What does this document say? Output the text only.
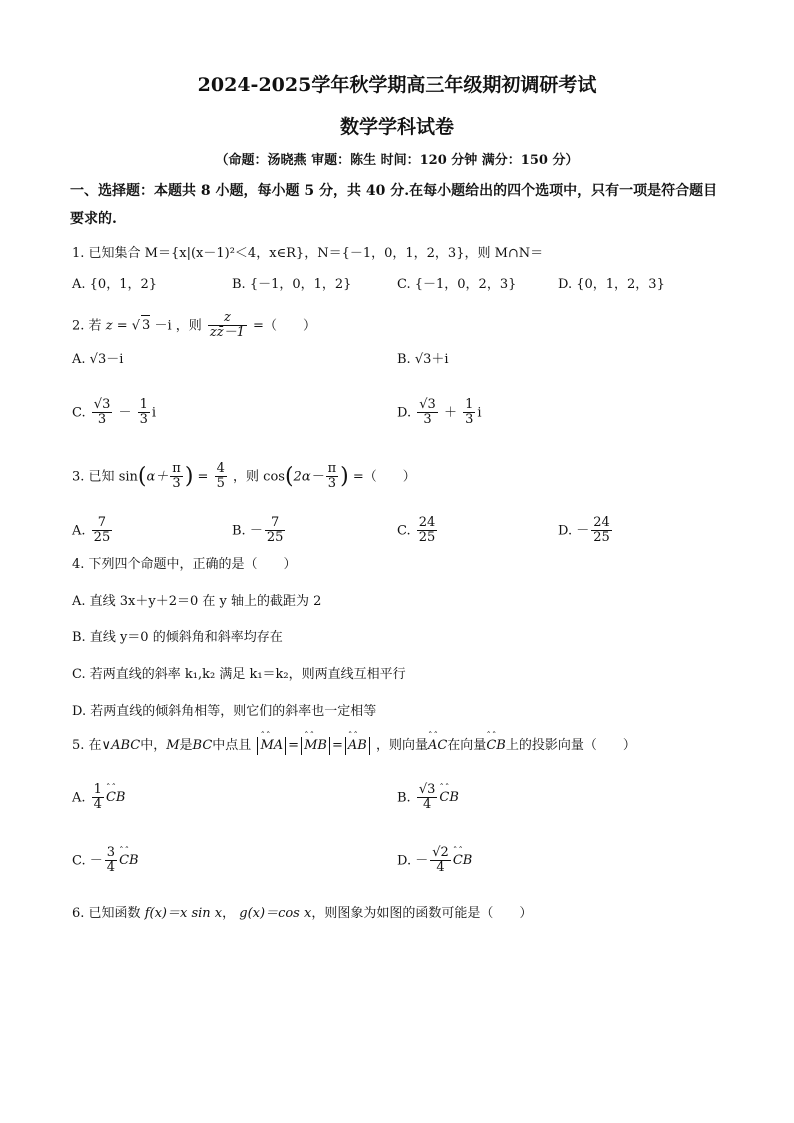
2024-2025学年秋学期高三年级期初调研考试
数学学科试卷
（命题：汤晓燕 审题：陈生 时间：120 分钟 满分：150 分）
一、选择题：本题共 8 小题，每小题 5 分，共 40 分.在每小题给出的四个选项中，只有一项是符合题目要求的.
1. 已知集合 M＝{x|(x－1)²＜4，x∈R}，N＝{－1，0，1，2，3}，则 M∩N＝
A. {0，1，2}	B. {－1，0，1，2}	C. {－1，0，2，3}	D. {0，1，2，3}
2. 若 z = √ 3 －i ，则 $\frac{z}{zz̄-1}$ =（　　）
A. √3－i	B. √3＋i
C. $\frac{√3}{3} - \frac{1}{3}$ i	D. $\frac{√3}{3} + \frac{1}{3}$ i
3. 已知 $\sin(\alpha+ \frac{\pi}{3}$ ) = $\frac{4}{5}$ ，则 $\cos(2\alpha- \frac{\pi}{3}$ ) =（　　）
A. $\frac{7}{25}$	B. － $\frac{7}{25}$	C. $\frac{24}{25}$	D. － $\frac{24}{25}$
4. 下列四个命题中，正确的是（　　）
A. 直线 3x＋y＋2＝0 在 y 轴上的截距为 2
B. 直线 y＝0 的倾斜角和斜率均存在
C. 若两直线的斜率 k₁,k₂ 满足 k₁＝k₂，则两直线互相平行
D. 若两直线的倾斜角相等，则它们的斜率也一定相等
5. 在∨ABC中，M是BC中点且 ˆˆ MA = ˆˆ MB = ˆˆ AB ，则向量ˆˆ AC在向量ˆˆ CB上的投影向量（　　）
A. $\frac{1}{4}$ ˆˆ CB	B. $\frac{√3}{4}$ ˆˆ CB
C. － $\frac{3}{4}$ ˆˆ CB	D. － $\frac{√2}{4}$ ˆˆ CB
6. 已知函数 f(x)＝x sin x， g(x)＝cos x，则图象为如图的函数可能是（　　）
